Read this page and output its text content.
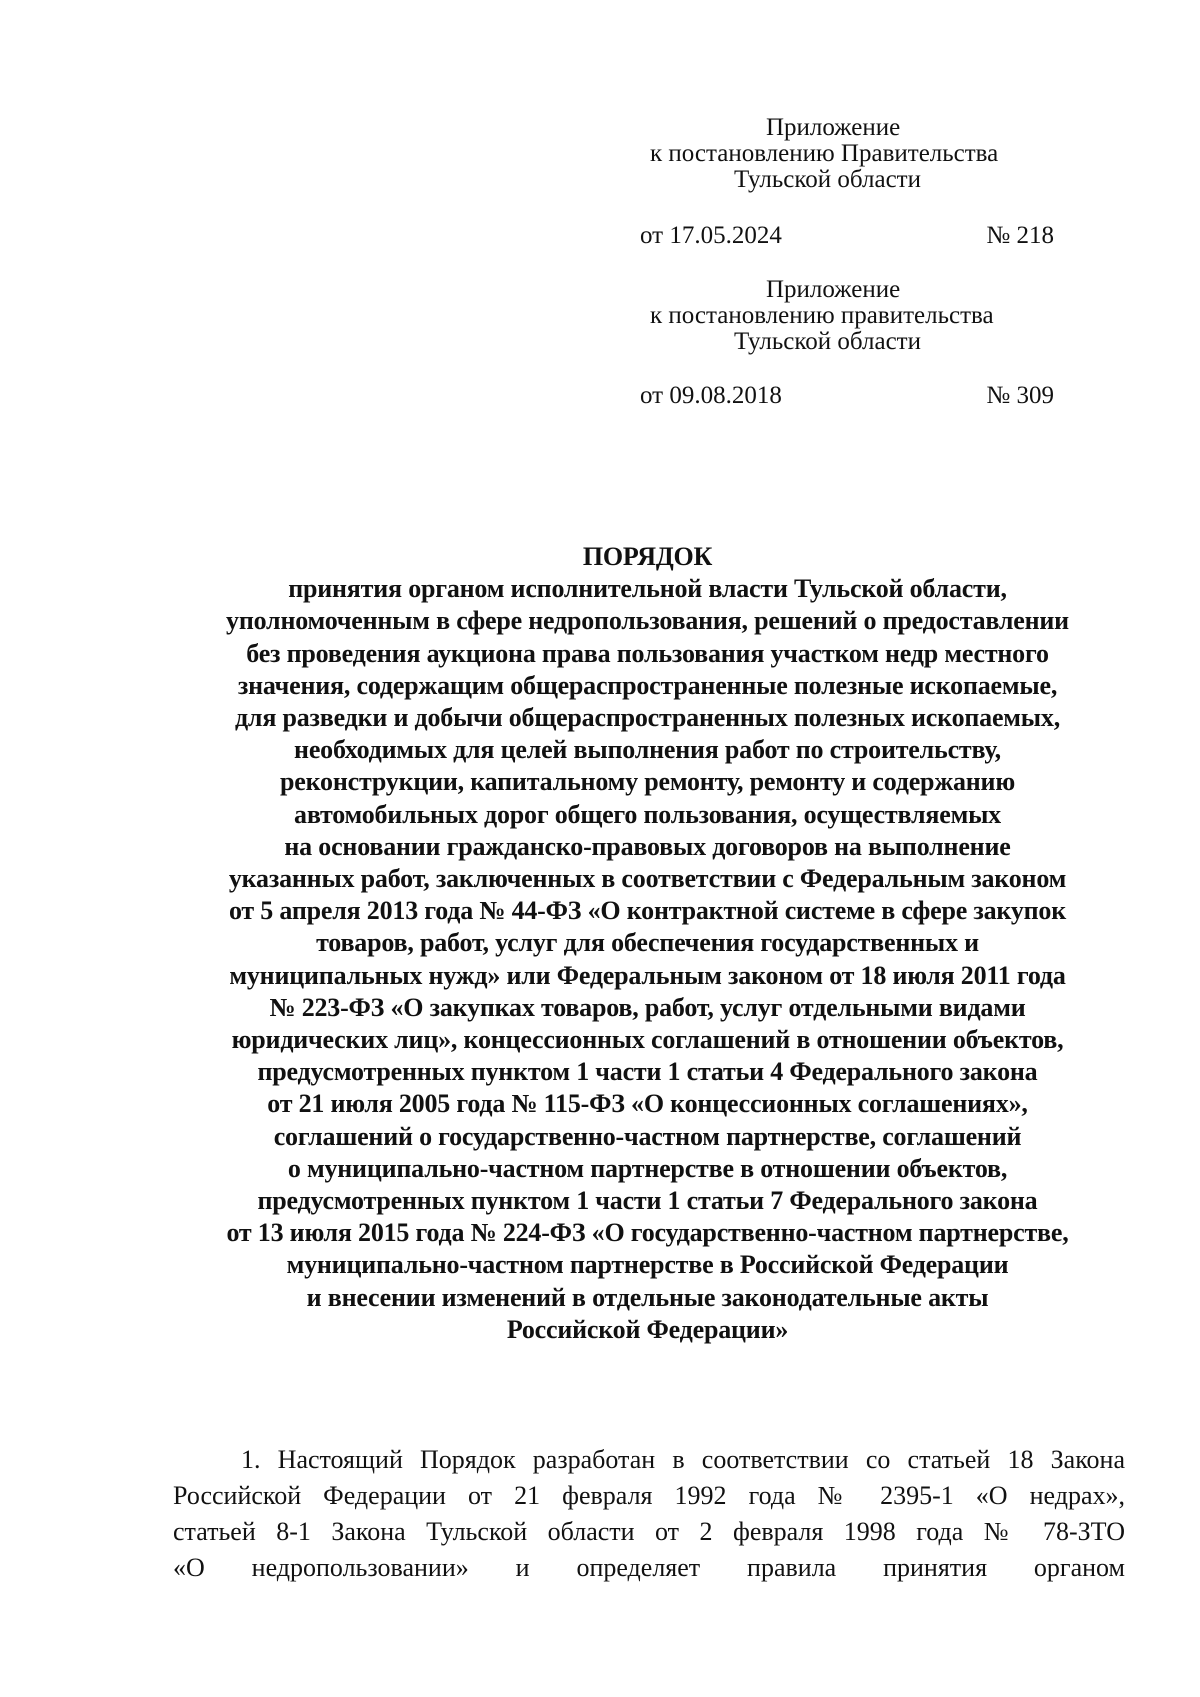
Приложение
к постановлению Правительства
Тульской области
от 17.05.2024	№ 218
Приложение
к постановлению правительства
Тульской области
от 09.08.2018	№ 309
ПОРЯДОК
принятия органом исполнительной власти Тульской области,
уполномоченным в сфере недропользования, решений о предоставлении
без проведения аукциона права пользования участком недр местного
значения, содержащим общераспространенные полезные ископаемые,
для разведки и добычи общераспространенных полезных ископаемых,
необходимых для целей выполнения работ по строительству,
реконструкции, капитальному ремонту, ремонту и содержанию
автомобильных дорог общего пользования, осуществляемых
на основании гражданско-правовых договоров на выполнение
указанных работ, заключенных в соответствии с Федеральным законом
от 5 апреля 2013 года № 44-ФЗ «О контрактной системе в сфере закупок
товаров, работ, услуг для обеспечения государственных и
муниципальных нужд» или Федеральным законом от 18 июля 2011 года
№ 223-ФЗ «О закупках товаров, работ, услуг отдельными видами
юридических лиц», концессионных соглашений в отношении объектов,
предусмотренных пунктом 1 части 1 статьи 4 Федерального закона
от 21 июля 2005 года № 115-ФЗ «О концессионных соглашениях»,
соглашений о государственно-частном партнерстве, соглашений
о муниципально-частном партнерстве в отношении объектов,
предусмотренных пунктом 1 части 1 статьи 7 Федерального закона
от 13 июля 2015 года № 224-ФЗ «О государственно-частном партнерстве,
муниципально-частном партнерстве в Российской Федерации
и внесении изменений в отдельные законодательные акты
Российской Федерации»
1. Настоящий Порядок разработан в соответствии со статьей 18 Закона
Российской Федерации от 21 февраля 1992 года № 2395-1 «О недрах»,
статьей 8-1 Закона Тульской области от 2 февраля 1998 года № 78-ЗТО
«О недропользовании» и определяет правила принятия органом
